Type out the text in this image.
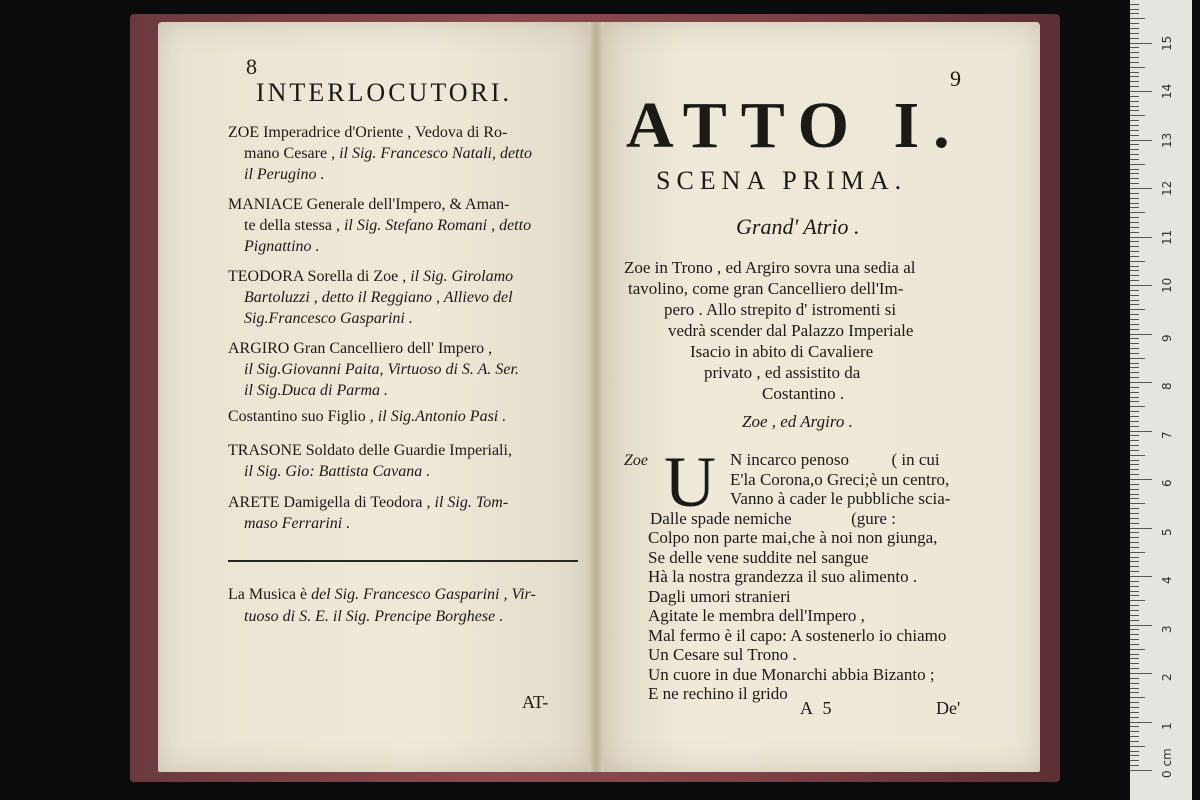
8
INTERLOCUTORI.
ZOE Imperadrice d'Oriente , Vedova di Ro-
mano Cesare , il Sig. Francesco Natali, detto
il Perugino .
MANIACE Generale dell'Impero, & Aman-
te della stessa , il Sig. Stefano Romani , detto
Pignattino .
TEODORA Sorella di Zoe , il Sig. Girolamo
Bartoluzzi , detto il Reggiano , Allievo del
Sig.Francesco Gasparini .
ARGIRO Gran Cancelliero dell' Impero ,
il Sig.Giovanni Paita, Virtuoso di S. A. Ser.
il Sig.Duca di Parma .
Costantino suo Figlio , il Sig.Antonio Pasi .
TRASONE Soldato delle Guardie Imperiali,
il Sig. Gio: Battista Cavana .
ARETE Damigella di Teodora , il Sig. Tom-
maso Ferrarini .
La Musica è del Sig. Francesco Gasparini , Vir-
tuoso di S. E. il Sig. Prencipe Borghese .
AT-
9
ATTO I.
SCENA PRIMA.
Grand' Atrio .
Zoe in Trono , ed Argiro sovra una sedia al
tavolino, come gran Cancelliero dell'Im-
pero . Allo strepito d' istromenti si
vedrà scender dal Palazzo Imperiale
Isacio in abito di Cavaliere
privato , ed assistito da
Costantino .
Zoe , ed Argiro .
Zoe U N incarco penoso          ( in cui
E'la Corona,o Greci;è un centro,
Vanno à cader le pubbliche scia-
Dalle spade nemiche              (gure :
Colpo non parte mai,che à noi non giunga,
Se delle vene suddite nel sangue
Hà la nostra grandezza il suo alimento .
Dagli umori stranieri
Agitate le membra dell'Impero ,
Mal fermo è il capo: A sostenerlo io chiamo
Un Cesare sul Trono .
Un cuore in due Monarchi abbia Bizanto ;
E ne rechino il grido
A 5	De'
0 cm
1
2
3
4
5
6
7
8
9
10
11
12
13
14
15
